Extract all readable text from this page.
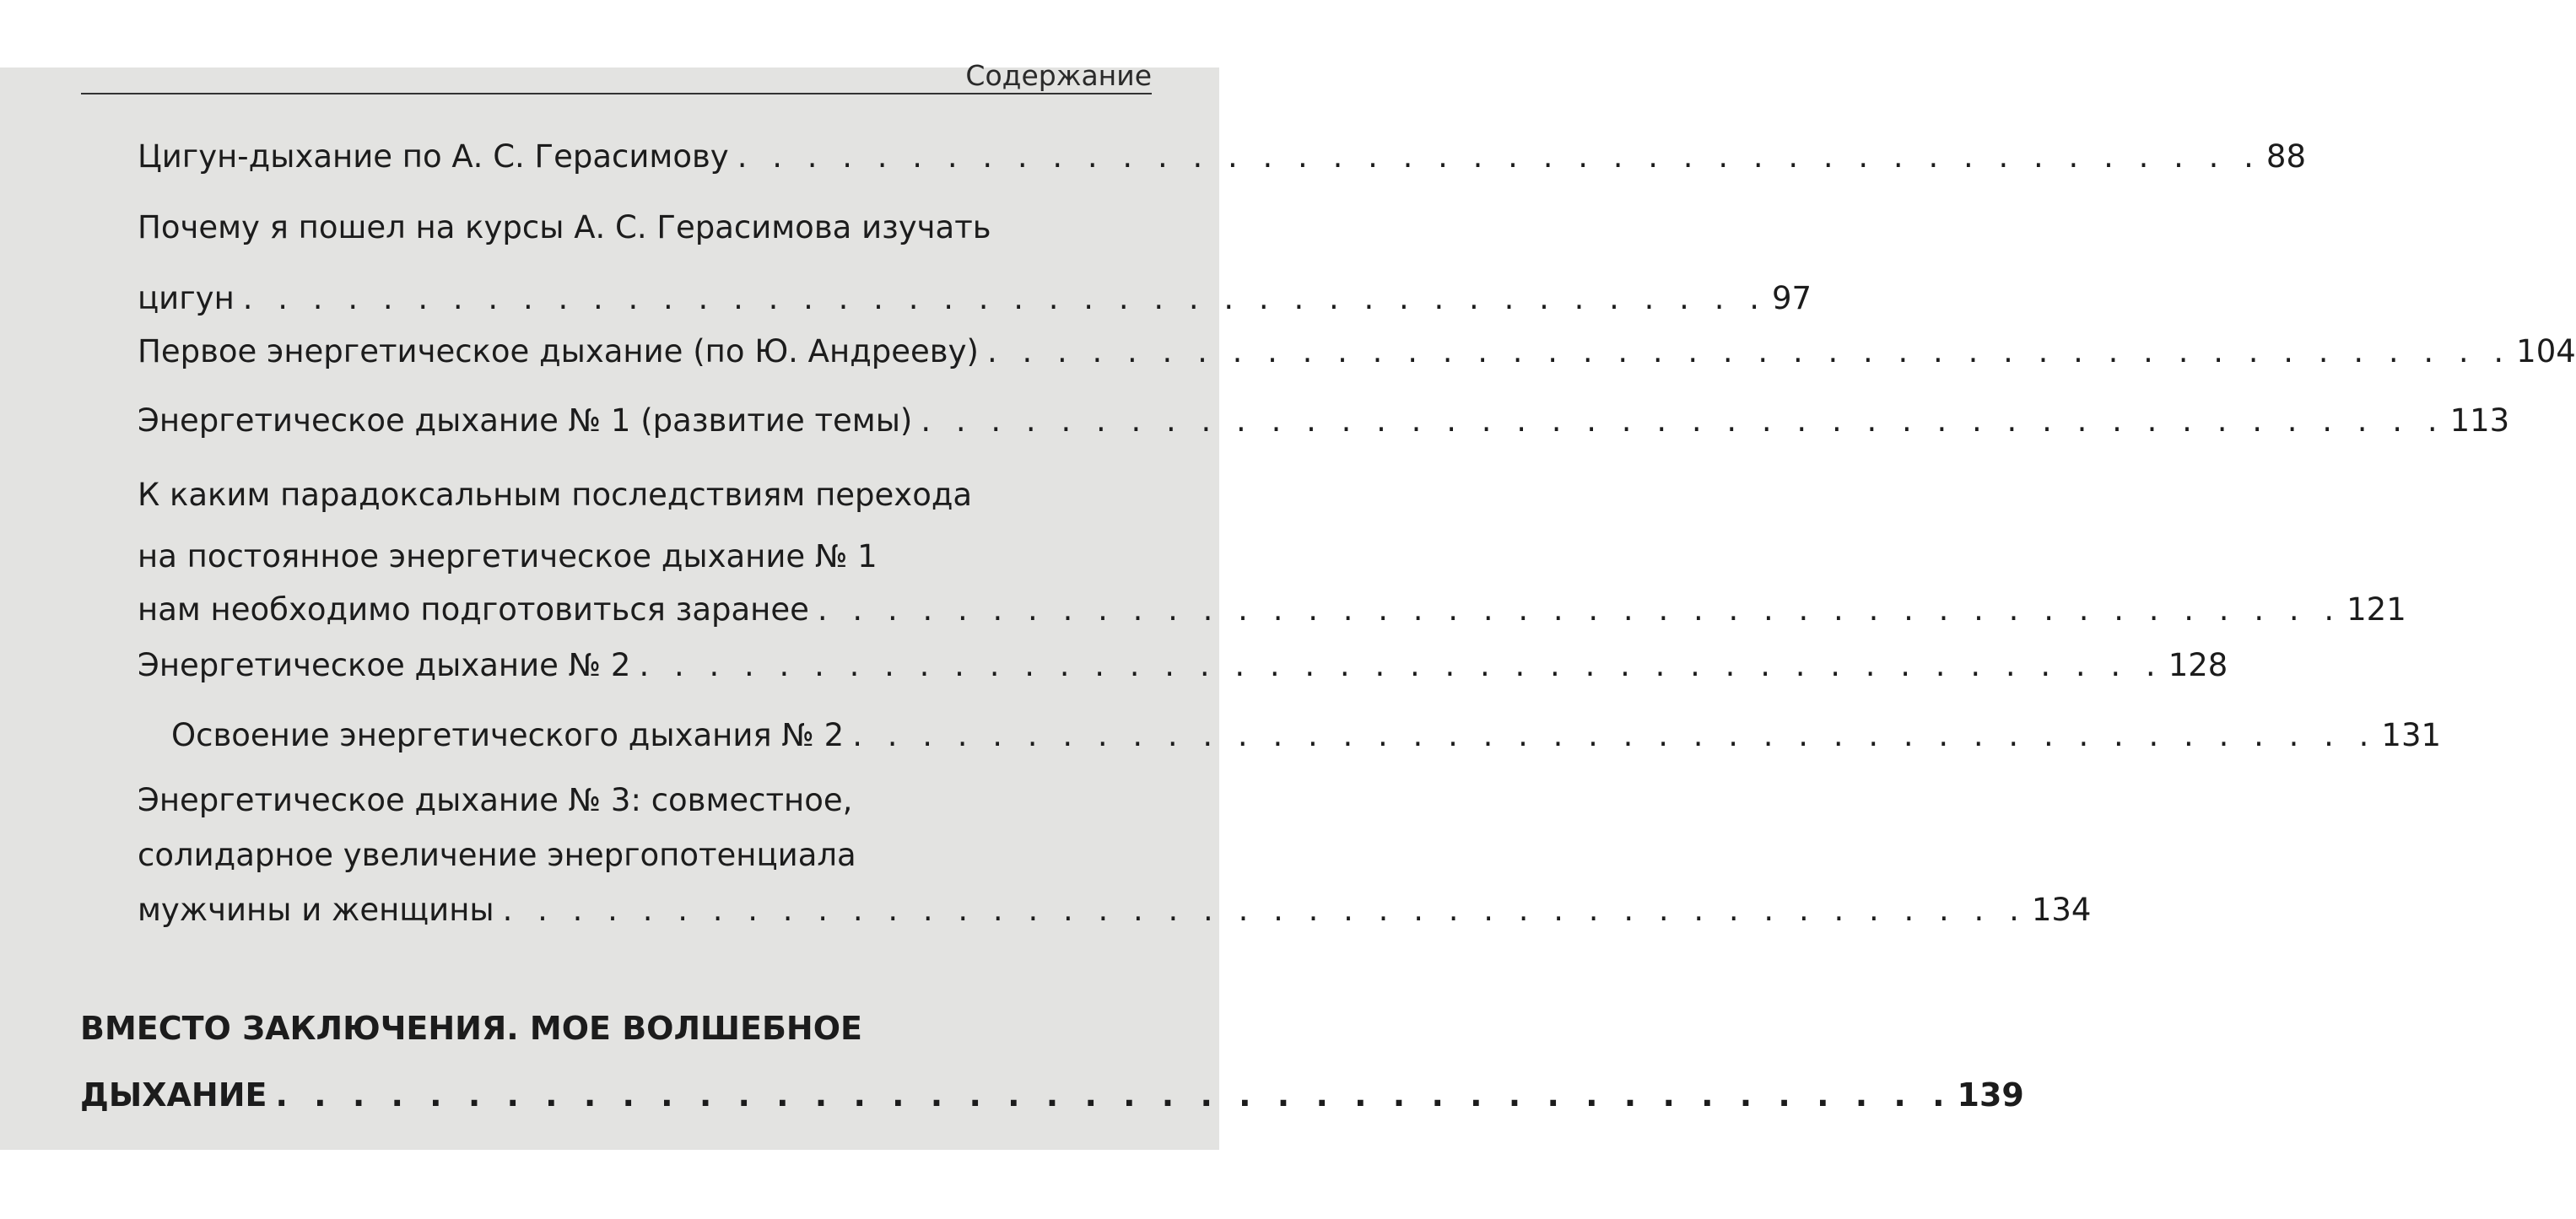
Содержание
Цигун-дыхание по А. С. Герасимову . . . . . . . . . . . . . . . . . . . . . . . . . . . . . . . . . . . . . . . . . . . . 88
Почему я пошел на курсы А. С. Герасимова изучать
цигун . . . . . . . . . . . . . . . . . . . . . . . . . . . . . . . . . . . . . . . . . . . . 97
Первое энергетическое дыхание (по Ю. Андрееву) . . . . . . . . . . . . . . . . . . . . . . . . . . . . . . . . . . . . . . . . . . . . 104
Энергетическое дыхание № 1 (развитие темы) . . . . . . . . . . . . . . . . . . . . . . . . . . . . . . . . . . . . . . . . . . . . 113
К каким парадоксальным последствиям перехода
на постоянное энергетическое дыхание № 1
нам необходимо подготовиться заранее . . . . . . . . . . . . . . . . . . . . . . . . . . . . . . . . . . . . . . . . . . . . 121
Энергетическое дыхание № 2 . . . . . . . . . . . . . . . . . . . . . . . . . . . . . . . . . . . . . . . . . . . . 128
Освоение энергетического дыхания № 2 . . . . . . . . . . . . . . . . . . . . . . . . . . . . . . . . . . . . . . . . . . . . 131
Энергетическое дыхание № 3: совместное,
солидарное увеличение энергопотенциала
мужчины и женщины . . . . . . . . . . . . . . . . . . . . . . . . . . . . . . . . . . . . . . . . . . . . 134
ВМЕСТО ЗАКЛЮЧЕНИЯ. МОЕ ВОЛШЕБНОЕ
ДЫХАНИЕ . . . . . . . . . . . . . . . . . . . . . . . . . . . . . . . . . . . . . . . . . . . . 139
